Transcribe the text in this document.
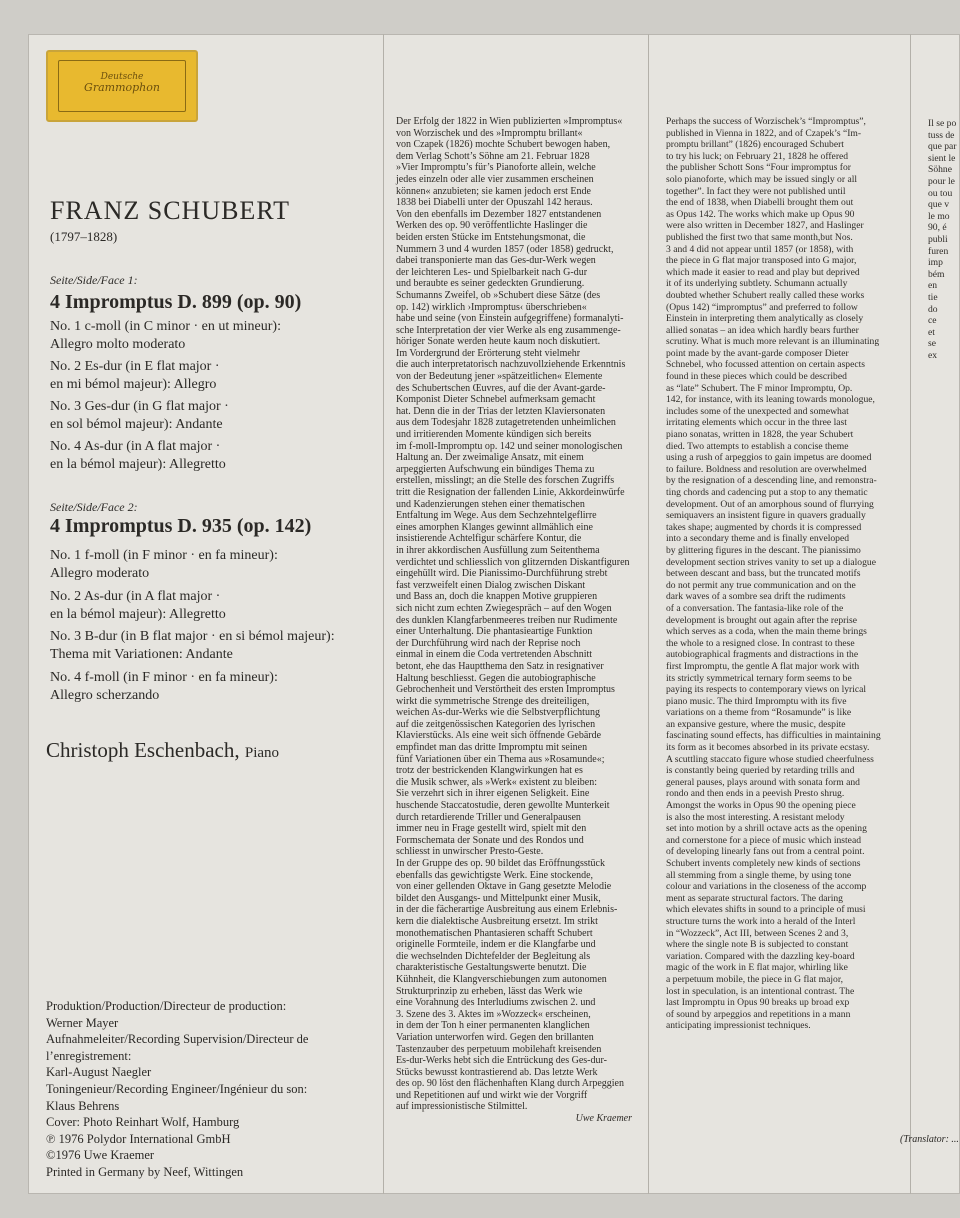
Deutsche
Grammophon
FRANZ SCHUBERT
(1797–1828)
Seite/Side/Face 1:
4 Impromptus D. 899 (op. 90)
No. 1 c-moll (in C minor · en ut mineur):
Allegro molto moderato
No. 2 Es-dur (in E flat major ·
en mi bémol majeur): Allegro
No. 3 Ges-dur (in G flat major ·
en sol bémol majeur): Andante
No. 4 As-dur (in A flat major ·
en la bémol majeur): Allegretto
Seite/Side/Face 2:
4 Impromptus D. 935 (op. 142)
No. 1 f-moll (in F minor · en fa mineur):
Allegro moderato
No. 2 As-dur (in A flat major ·
en la bémol majeur): Allegretto
No. 3 B-dur (in B flat major · en si bémol majeur):
Thema mit Variationen: Andante
No. 4 f-moll (in F minor · en fa mineur):
Allegro scherzando
Christoph Eschenbach, Piano
Produktion/Production/Directeur de production:
Werner Mayer
Aufnahmeleiter/Recording Supervision/Directeur de
l’enregistrement:
Karl-August Naegler
Toningenieur/Recording Engineer/Ingénieur du son:
Klaus Behrens
Cover: Photo Reinhart Wolf, Hamburg
℗ 1976 Polydor International GmbH
©1976 Uwe Kraemer
Printed in Germany by Neef, Wittingen
Der Erfolg der 1822 in Wien publizierten »Impromptus«
von Worzischek und des »Impromptu brillant«
von Czapek (1826) mochte Schubert bewogen haben,
dem Verlag Schott’s Söhne am 21. Februar 1828
»Vier Impromptu’s für’s Pianoforte allein, welche
jedes einzeln oder alle vier zusammen erscheinen
können« anzubieten; sie kamen jedoch erst Ende
1838 bei Diabelli unter der Opuszahl 142 heraus.
Von den ebenfalls im Dezember 1827 entstandenen
Werken des op. 90 veröffentlichte Haslinger die
beiden ersten Stücke im Entstehungsmonat, die
Nummern 3 und 4 wurden 1857 (oder 1858) gedruckt,
dabei transponierte man das Ges-dur-Werk wegen
der leichteren Les- und Spielbarkeit nach G-dur
und beraubte es seiner gedeckten Grundierung.
Schumanns Zweifel, ob »Schubert diese Sätze (des
op. 142) wirklich ›Impromptus‹ überschrieben«
habe und seine (von Einstein aufgegriffene) formanalyti-
sche Interpretation der vier Werke als eng zusammenge-
höriger Sonate werden heute kaum noch diskutiert.
Im Vordergrund der Erörterung steht vielmehr
die auch interpretatorisch nachzuvollziehende Erkenntnis
von der Bedeutung jener »spätzeitlichen« Elemente
des Schubertschen Œuvres, auf die der Avant-garde-
Komponist Dieter Schnebel aufmerksam gemacht
hat. Denn die in der Trias der letzten Klaviersonaten
aus dem Todesjahr 1828 zutagetretenden unheimlichen
und irritierenden Momente kündigen sich bereits
im f-moll-Impromptu op. 142 und seiner monologischen
Haltung an. Der zweimalige Ansatz, mit einem
arpeggierten Aufschwung ein bündiges Thema zu
erstellen, misslingt; an die Stelle des forschen Zugriffs
tritt die Resignation der fallenden Linie, Akkordeinwürfe
und Kadenzierungen stehen einer thematischen
Entfaltung im Wege. Aus dem Sechzehntelgeflirre
eines amorphen Klanges gewinnt allmählich eine
insistierende Achtelfigur schärfere Kontur, die
in ihrer akkordischen Ausfüllung zum Seitenthema
verdichtet und schliesslich von glitzernden Diskantfiguren
eingehüllt wird. Die Pianissimo-Durchführung strebt
fast verzweifelt einen Dialog zwischen Diskant
und Bass an, doch die knappen Motive gruppieren
sich nicht zum echten Zwiegespräch – auf den Wogen
des dunklen Klangfarbenmeeres treiben nur Rudimente
einer Unterhaltung. Die phantasieartige Funktion
der Durchführung wird nach der Reprise noch
einmal in einem die Coda vertretenden Abschnitt
betont, ehe das Hauptthema den Satz in resignativer
Haltung beschliesst. Gegen die autobiographische
Gebrochenheit und Verstörtheit des ersten Impromptus
wirkt die symmetrische Strenge des dreiteiligen,
weichen As-dur-Werks wie die Selbstverpflichtung
auf die zeitgenössischen Kategorien des lyrischen
Klavierstücks. Als eine weit sich öffnende Gebärde
empfindet man das dritte Impromptu mit seinen
fünf Variationen über ein Thema aus »Rosamunde«;
trotz der bestrickenden Klangwirkungen hat es
die Musik schwer, als »Werk« existent zu bleiben:
Sie verzehrt sich in ihrer eigenen Seligkeit. Eine
huschende Staccatostudie, deren gewollte Munterkeit
durch retardierende Triller und Generalpausen
immer neu in Frage gestellt wird, spielt mit den
Formschemata der Sonate und des Rondos und
schliesst in unwirscher Presto-Geste.
In der Gruppe des op. 90 bildet das Eröffnungsstück
ebenfalls das gewichtigste Werk. Eine stockende,
von einer gellenden Oktave in Gang gesetzte Melodie
bildet den Ausgangs- und Mittelpunkt einer Musik,
in der die fächerartige Ausbreitung aus einem Erlebnis-
kern die dialektische Ausbreitung ersetzt. Im strikt
monothematischen Phantasieren schafft Schubert
originelle Formteile, indem er die Klangfarbe und
die wechselnden Dichtefelder der Begleitung als
charakteristische Gestaltungswerte benutzt. Die
Kühnheit, die Klangverschiebungen zum autonomen
Strukturprinzip zu erheben, lässt das Werk wie
eine Vorahnung des Interludiums zwischen 2. und
3. Szene des 3. Aktes im »Wozzeck« erscheinen,
in dem der Ton h einer permanenten klanglichen
Variation unterworfen wird. Gegen den brillanten
Tastenzauber des perpetuum mobilehaft kreisenden
Es-dur-Werks hebt sich die Entrückung des Ges-dur-
Stücks bewusst kontrastierend ab. Das letzte Werk
des op. 90 löst den flächenhaften Klang durch Arpeggien
und Repetitionen auf und wirkt wie der Vorgriff
auf impressionistische Stilmittel.
Uwe Kraemer
Perhaps the success of Worzischek’s “Impromptus”,
published in Vienna in 1822, and of Czapek’s “Im-
promptu brillant” (1826) encouraged Schubert
to try his luck; on February 21, 1828 he offered
the publisher Schott Sons “Four impromptus for
solo pianoforte, which may be issued singly or all
together”. In fact they were not published until
the end of 1838, when Diabelli brought them out
as Opus 142. The works which make up Opus 90
were also written in December 1827, and Haslinger
published the first two that same month,but Nos.
3 and 4 did not appear until 1857 (or 1858), with
the piece in G flat major transposed into G major,
which made it easier to read and play but deprived
it of its underlying subtlety. Schumann actually
doubted whether Schubert really called these works
(Opus 142) “impromptus” and preferred to follow
Einstein in interpreting them analytically as closely
allied sonatas – an idea which hardly bears further
scrutiny. What is much more relevant is an illuminating
point made by the avant-garde composer Dieter
Schnebel, who focussed attention on certain aspects
found in these pieces which could be described
as “late” Schubert. The F minor Impromptu, Op.
142, for instance, with its leaning towards monologue,
includes some of the unexpected and somewhat
irritating elements which occur in the three last
piano sonatas, written in 1828, the year Schubert
died. Two attempts to establish a concise theme
using a rush of arpeggios to gain impetus are doomed
to failure. Boldness and resolution are overwhelmed
by the resignation of a descending line, and remonstra-
ting chords and cadencing put a stop to any thematic
development. Out of an amorphous sound of flurrying
semiquavers an insistent figure in quavers gradually
takes shape; augmented by chords it is compressed
into a secondary theme and is finally enveloped
by glittering figures in the descant. The pianissimo
development section strives vanity to set up a dialogue
between descant and bass, but the truncated motifs
do not permit any true communication and on the
dark waves of a sombre sea drift the rudiments
of a conversation. The fantasia-like role of the
development is brought out again after the reprise
which serves as a coda, when the main theme brings
the whole to a resigned close. In contrast to these
autobiographical fragments and distractions in the
first Impromptu, the gentle A flat major work with
its strictly symmetrical ternary form seems to be
paying its respects to contemporary views on lyrical
piano music. The third Impromptu with its five
variations on a theme from “Rosamunde” is like
an expansive gesture, where the music, despite
fascinating sound effects, has difficulties in maintaining
its form as it becomes absorbed in its private ecstasy.
A scuttling staccato figure whose studied cheerfulness
is constantly being queried by retarding trills and
general pauses, plays around with sonata form and
rondo and then ends in a peevish Presto shrug.
Amongst the works in Opus 90 the opening piece
is also the most interesting. A resistant melody
set into motion by a shrill octave acts as the opening
and cornerstone for a piece of music which instead
of developing linearly fans out from a central point.
Schubert invents completely new kinds of sections
all stemming from a single theme, by using tone
colour and variations in the closeness of the accomp
ment as separate structural factors. The daring
which elevates shifts in sound to a principle of musi
structure turns the work into a herald of the Interl
in “Wozzeck”, Act III, between Scenes 2 and 3,
where the single note B is subjected to constant
variation. Compared with the dazzling key-board
magic of the work in E flat major, whirling like
a perpetuum mobile, the piece in G flat major,
lost in speculation, is an intentional contrast. The
last Impromptu in Opus 90 breaks up broad exp
of sound by arpeggios and repetitions in a mann
anticipating impressionist techniques.
Il se po
tuss de
que par
sient le
Söhne
pour le
ou tou
que v
le mo
90, é
publi
furen
imp
bém
en
tie
do
ce
et
se
ex
(Translator: ...
